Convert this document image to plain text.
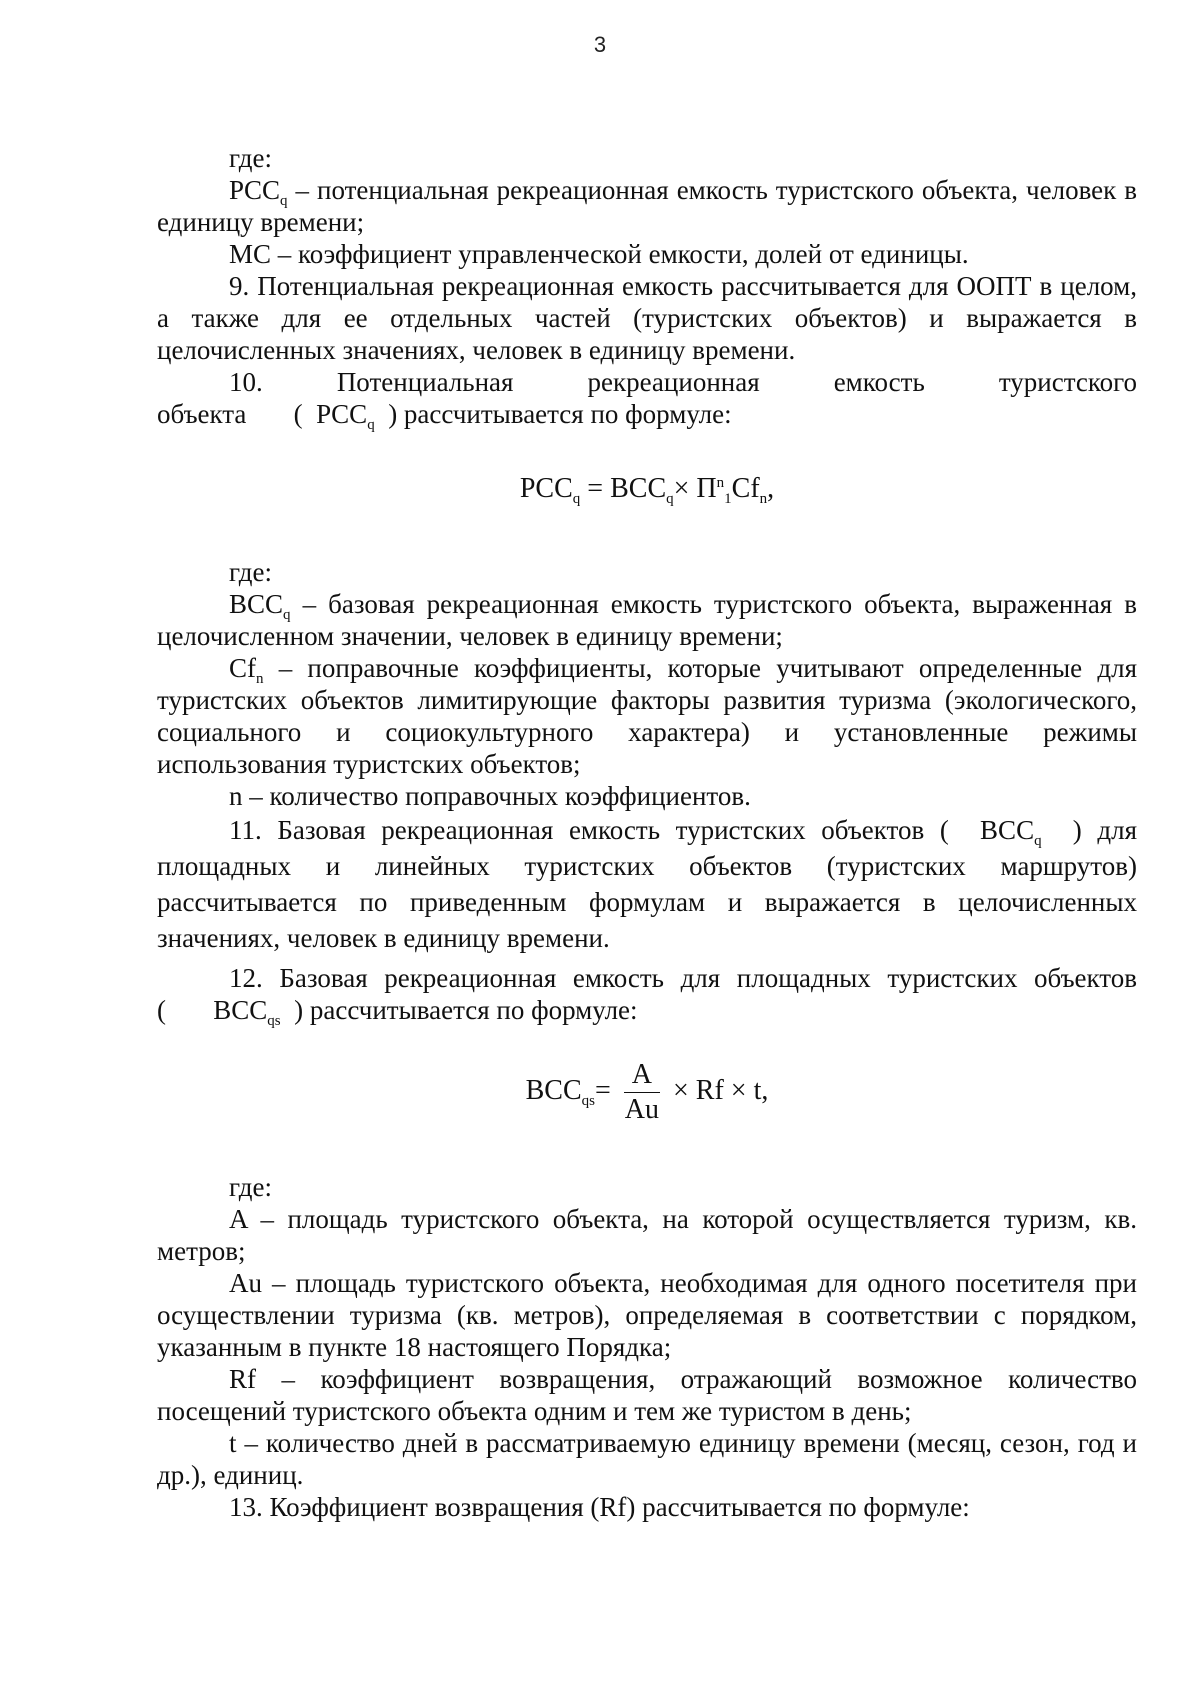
3

где:

$PCC_q$ – потенциальная рекреационная емкость туристского объекта, человек в единицу времени;

MC – коэффициент управленческой емкости, долей от единицы.

9. Потенциальная рекреационная емкость рассчитывается для ООПТ в целом, а также для ее отдельных частей (туристских объектов) и выражается в целочисленных значениях, человек в единицу времени.

10.	Потенциальная	рекреационная	емкость	туристского

объекта       (  $PCC_q$ ) рассчитывается по формуле:

$PCC_q = BCC_q\times П^n_1Cf_n$,

где:

$BCC_q$ – базовая рекреационная емкость туристского объекта, выраженная в целочисленном значении, человек в единицу времени;

$Cf_n$ – поправочные коэффициенты, которые учитывают определенные для туристских объектов лимитирующие факторы развития туризма (экологического, социального и социокультурного характера) и установленные режимы использования туристских объектов;

n – количество поправочных коэффициентов.

11. Базовая рекреационная емкость туристских объектов ( $BCC_q$ ) для площадных и линейных туристских объектов (туристских маршрутов) рассчитывается по приведенным формулам и выражается в целочисленных значениях, человек в единицу времени.

12. Базовая рекреационная емкость для площадных туристских объектов ( $BCC_{qs}$ ) рассчитывается по формуле:

$BCC_{qs}= \frac{A}{Au} \times Rf \times t$,

где:

A – площадь туристского объекта, на которой осуществляется туризм, кв. метров;

Au – площадь туристского объекта, необходимая для одного посетителя при осуществлении туризма (кв. метров), определяемая в соответствии с порядком, указанным в пункте 18 настоящего Порядка;

Rf – коэффициент возвращения, отражающий возможное количество посещений туристского объекта одним и тем же туристом в день;

t – количество дней в рассматриваемую единицу времени (месяц, сезон, год и др.), единиц.

13. Коэффициент возвращения (Rf) рассчитывается по формуле:
